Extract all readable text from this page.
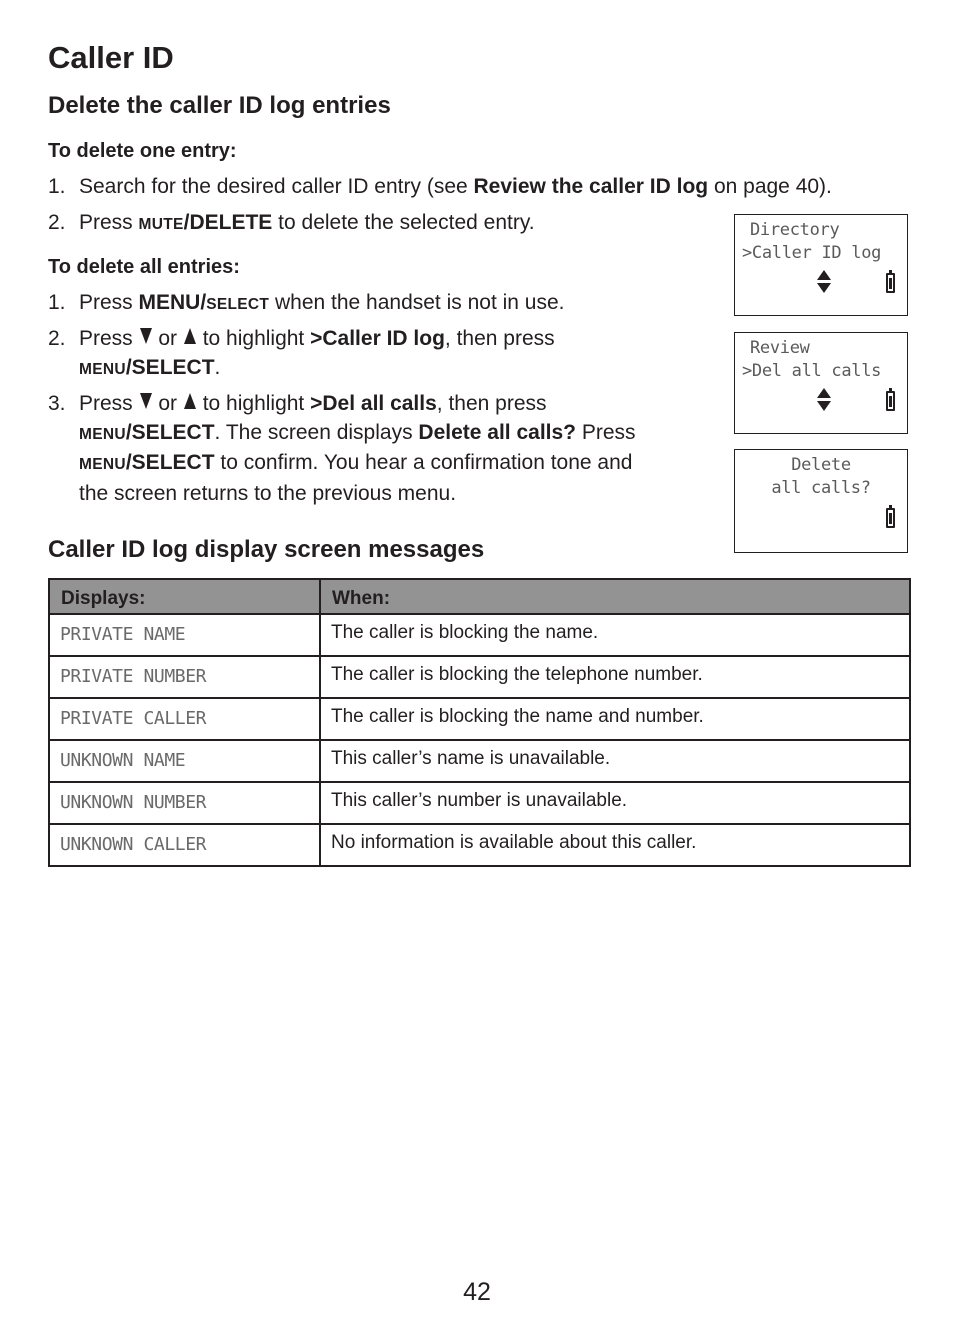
Caller ID
Delete the caller ID log entries
To delete one entry:
1. Search for the desired caller ID entry (see Review the caller ID log on page 40).
2. Press MUTE/DELETE to delete the selected entry.
To delete all entries:
1. Press MENU/SELECT when the handset is not in use.
2. Press  or  to highlight >Caller ID log, then press
MENU/SELECT.
3. Press  or  to highlight >Del all calls, then press
MENU/SELECT. The screen displays Delete all calls? Press
MENU/SELECT to confirm. You hear a confirmation tone and
the screen returns to the previous menu.
Directory
>Caller ID log
Review
>Del all calls
Delete
all calls?
Caller ID log display screen messages
Displays:	When:
PRIVATE NAME	The caller is blocking the name.
PRIVATE NUMBER	The caller is blocking the telephone number.
PRIVATE CALLER	The caller is blocking the name and number.
UNKNOWN NAME	This caller’s name is unavailable.
UNKNOWN NUMBER	This caller’s number is unavailable.
UNKNOWN CALLER	No information is available about this caller.
42
